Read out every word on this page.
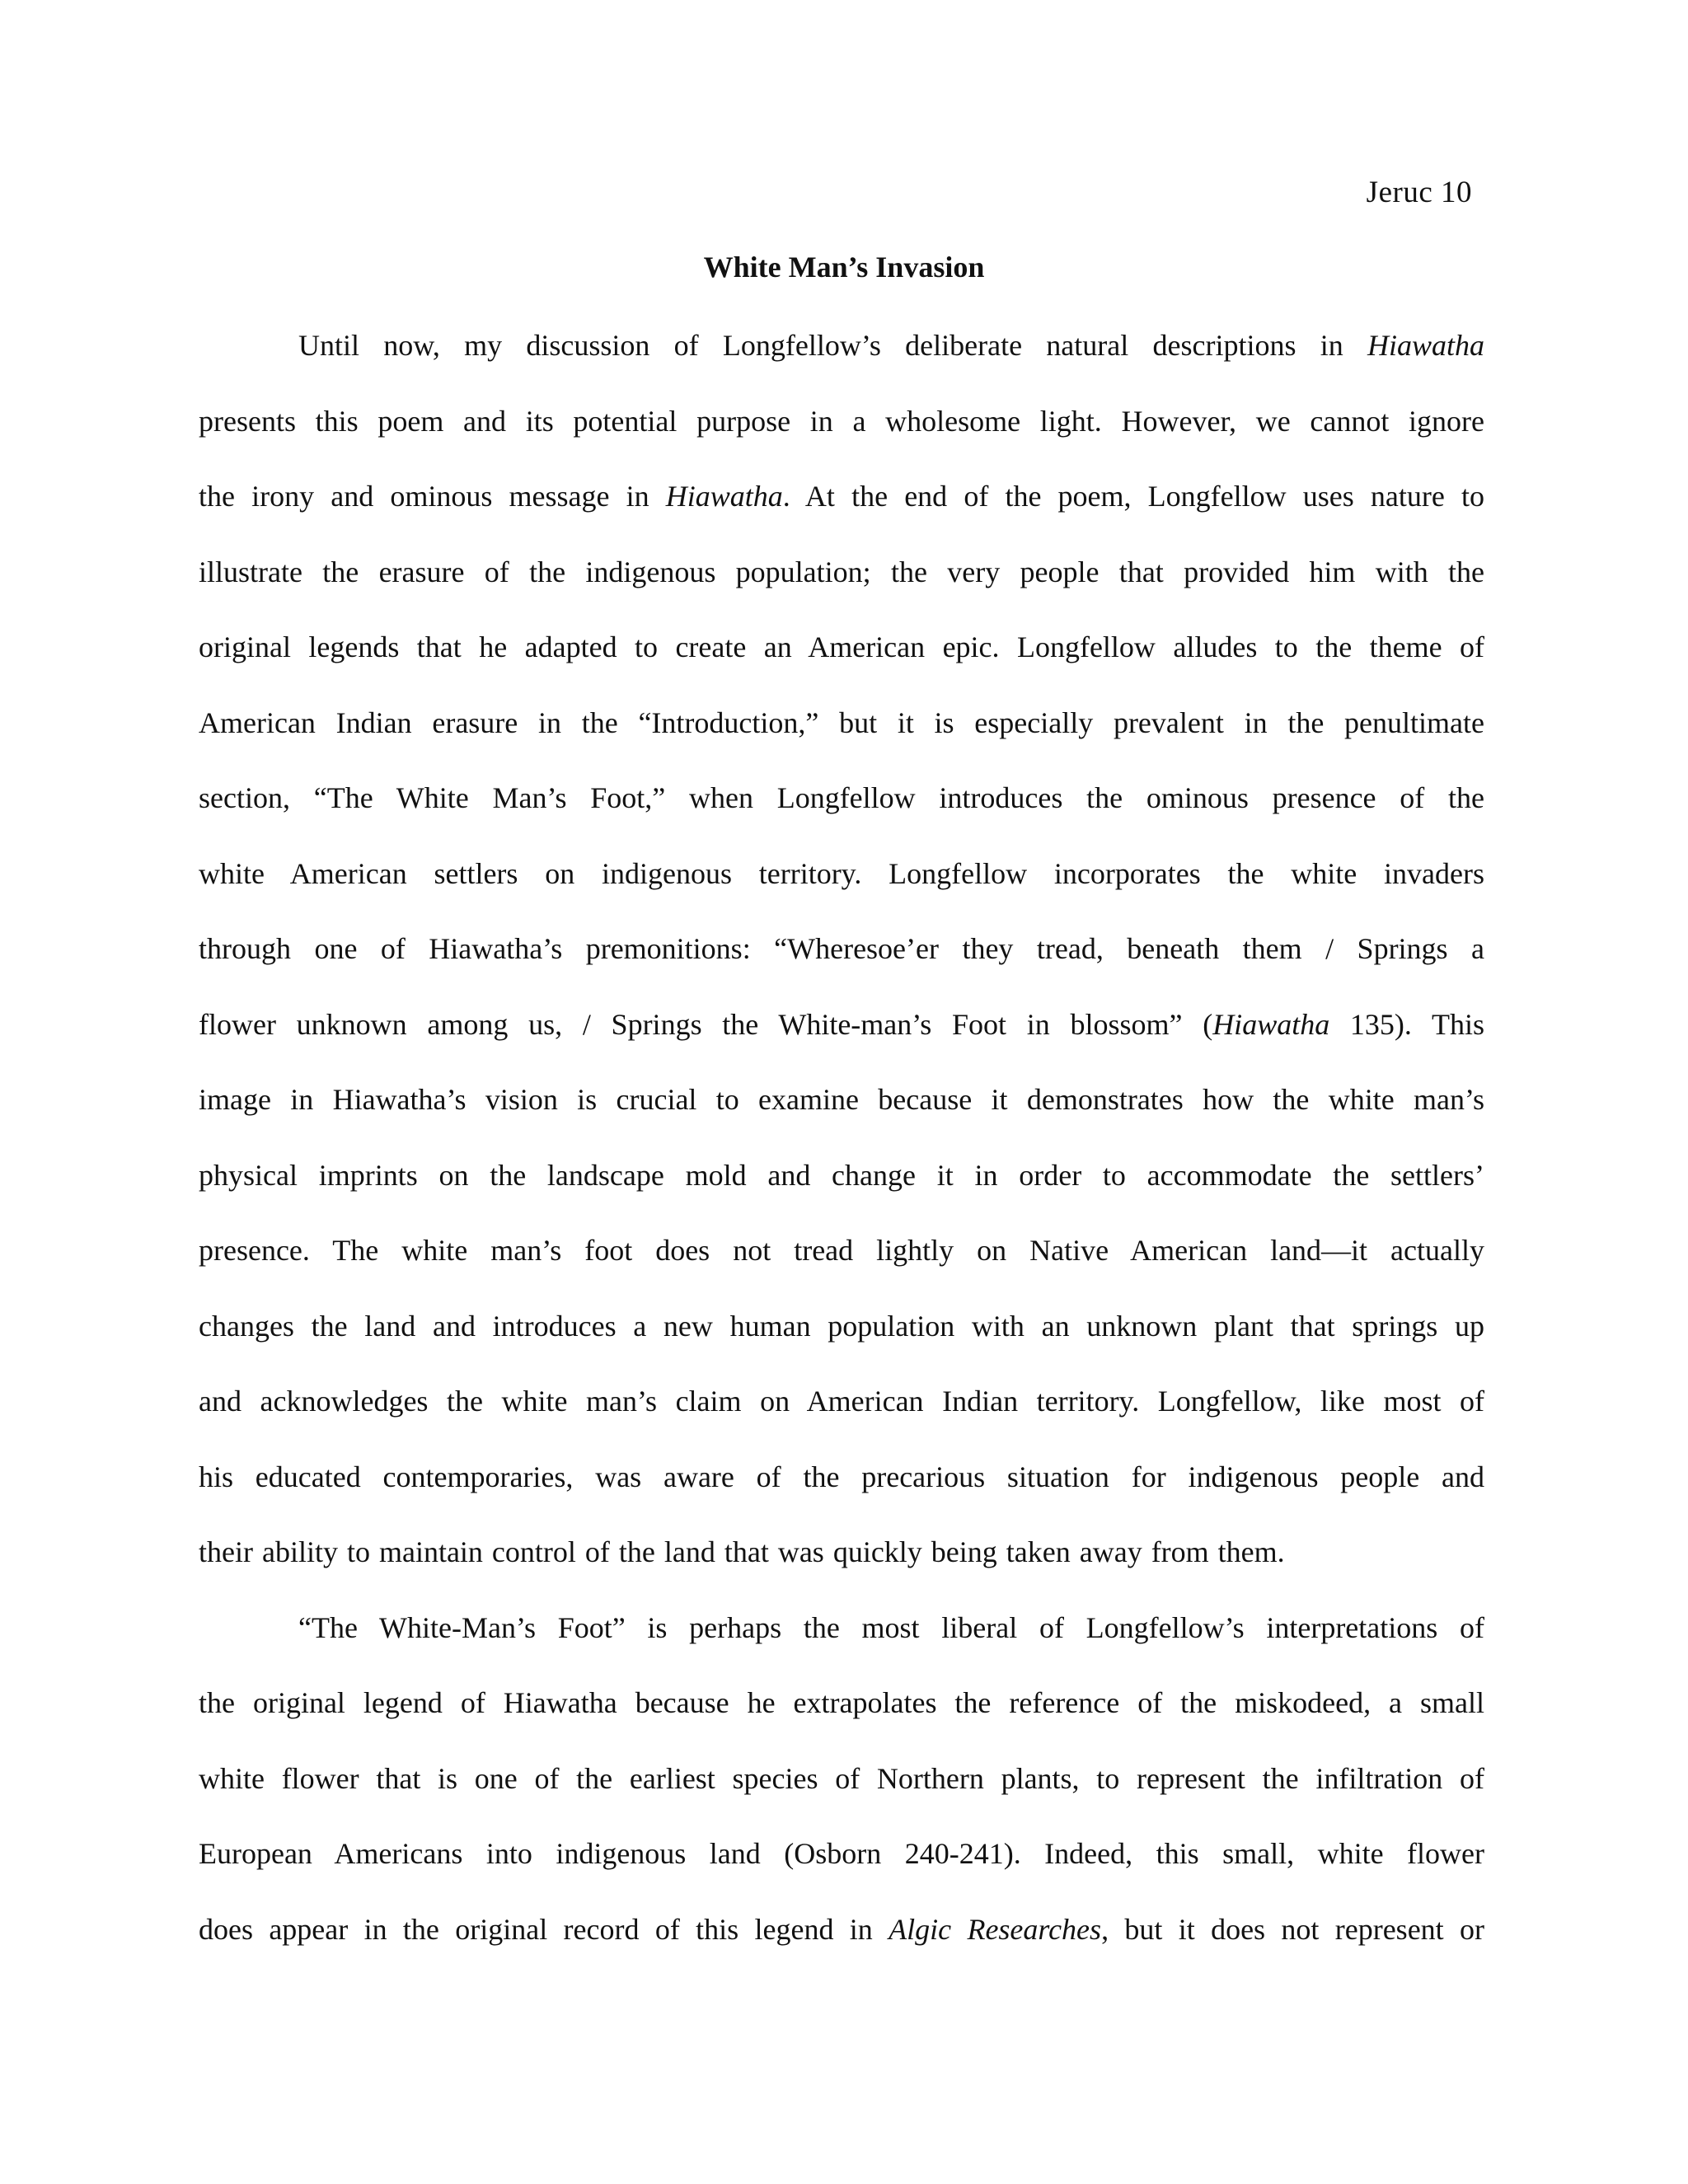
Jeruc 10
White Man’s Invasion
Until now, my discussion of Longfellow’s deliberate natural descriptions in Hiawatha
presents this poem and its potential purpose in a wholesome light. However, we cannot ignore
the irony and ominous message in Hiawatha. At the end of the poem, Longfellow uses nature to
illustrate the erasure of the indigenous population; the very people that provided him with the
original legends that he adapted to create an American epic. Longfellow alludes to the theme of
American Indian erasure in the “Introduction,” but it is especially prevalent in the penultimate
section, “The White Man’s Foot,” when Longfellow introduces the ominous presence of the
white American settlers on indigenous territory. Longfellow incorporates the white invaders
through one of Hiawatha’s premonitions: “Wheresoe’er they tread, beneath them / Springs a
flower unknown among us, / Springs the White-man’s Foot in blossom” (Hiawatha 135). This
image in Hiawatha’s vision is crucial to examine because it demonstrates how the white man’s
physical imprints on the landscape mold and change it in order to accommodate the settlers’
presence. The white man’s foot does not tread lightly on Native American land—it actually
changes the land and introduces a new human population with an unknown plant that springs up
and acknowledges the white man’s claim on American Indian territory. Longfellow, like most of
his educated contemporaries, was aware of the precarious situation for indigenous people and
their ability to maintain control of the land that was quickly being taken away from them.
“The White-Man’s Foot” is perhaps the most liberal of Longfellow’s interpretations of
the original legend of Hiawatha because he extrapolates the reference of the miskodeed, a small
white flower that is one of the earliest species of Northern plants, to represent the infiltration of
European Americans into indigenous land (Osborn 240-241). Indeed, this small, white flower
does appear in the original record of this legend in Algic Researches, but it does not represent or
